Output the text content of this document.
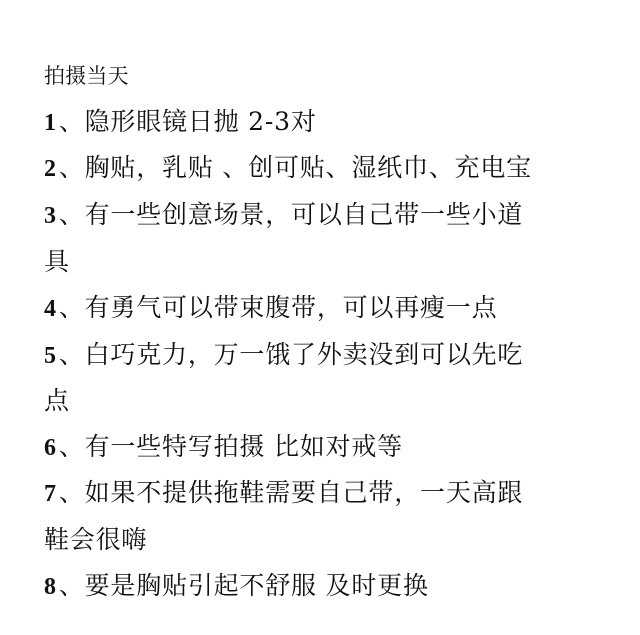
拍摄当天
1、隐形眼镜日抛 2-3对
2、胸贴，乳贴 、创可贴、湿纸巾、充电宝
3、有一些创意场景，可以自己带一些小道
具
4、有勇气可以带束腹带，可以再瘦一点
5、白巧克力，万一饿了外卖没到可以先吃
点
6、有一些特写拍摄 比如对戒等
7、如果不提供拖鞋需要自己带，一天高跟
鞋会很嗨
8、要是胸贴引起不舒服 及时更换
